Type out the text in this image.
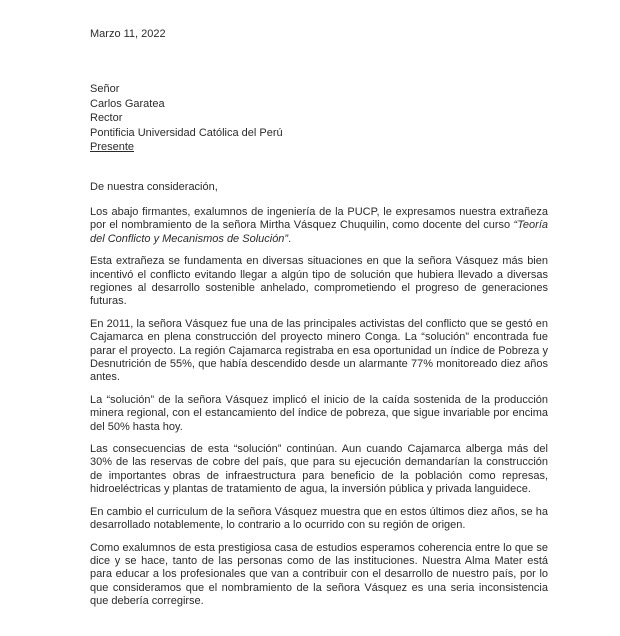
Marzo 11, 2022
Señor
Carlos Garatea
Rector
Pontificia Universidad Católica del Perú
Presente
De nuestra consideración,

Los abajo firmantes, exalumnos de ingeniería de la PUCP, le expresamos nuestra extrañeza por el nombramiento de la señora Mirtha Vásquez Chuquilin, como docente del curso “Teoría del Conflicto y Mecanismos de Solución”.

Esta extrañeza se fundamenta en diversas situaciones en que la señora Vásquez más bien incentivó el conflicto evitando llegar a algún tipo de solución que hubiera llevado a diversas regiones al desarrollo sostenible anhelado, comprometiendo el progreso de generaciones futuras.

En 2011, la señora Vásquez fue una de las principales activistas del conflicto que se gestó en Cajamarca en plena construcción del proyecto minero Conga. La “solución” encontrada fue parar el proyecto. La región Cajamarca registraba en esa oportunidad un índice de Pobreza y Desnutrición de 55%, que había descendido desde un alarmante 77% monitoreado diez años antes.

La “solución” de la señora Vásquez implicó el inicio de la caída sostenida de la producción minera regional, con el estancamiento del índice de pobreza, que sigue invariable por encima del 50% hasta hoy.

Las consecuencias de esta “solución” continúan. Aun cuando Cajamarca alberga más del 30% de las reservas de cobre del país, que para su ejecución demandarían la construcción de importantes obras de infraestructura para beneficio de la población como represas, hidroeléctricas y plantas de tratamiento de agua, la inversión pública y privada languidece.

En cambio el curriculum de la señora Vásquez muestra que en estos últimos diez años, se ha desarrollado notablemente, lo contrario a lo ocurrido con su región de origen.

Como exalumnos de esta prestigiosa casa de estudios esperamos coherencia entre lo que se dice y se hace, tanto de las personas como de las instituciones. Nuestra Alma Mater está para educar a los profesionales que van a contribuir con el desarrollo de nuestro país, por lo que consideramos que el nombramiento de la señora Vásquez es una seria inconsistencia que debería corregirse.
